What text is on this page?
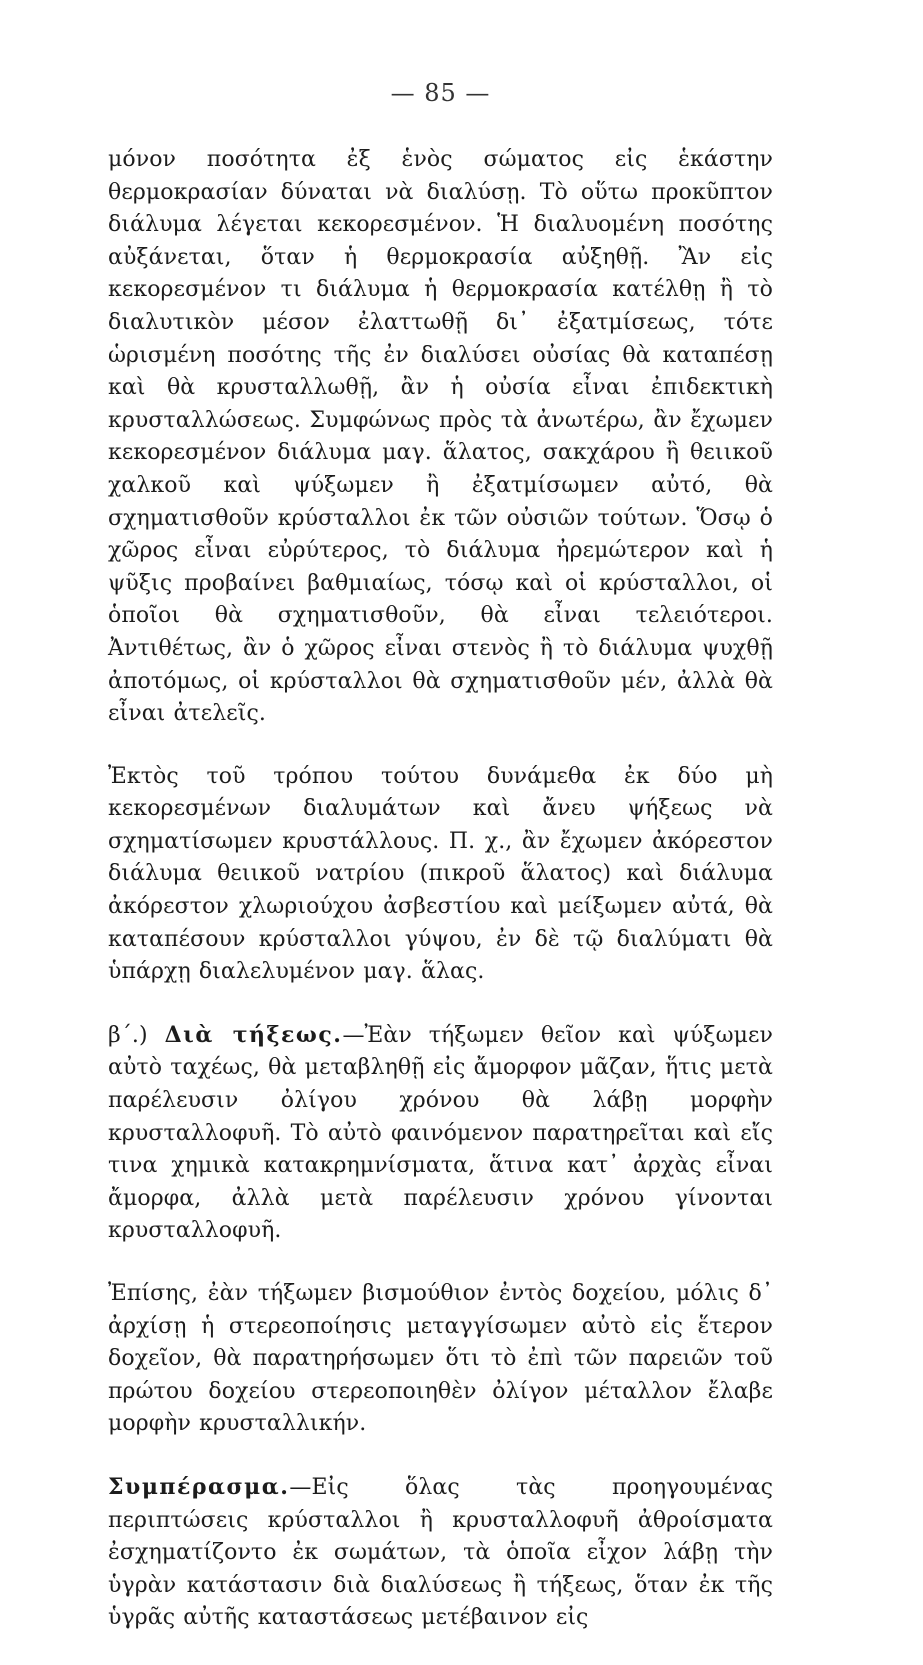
— 85 —

μόνον ποσότητα ἐξ ἑνὸς σώματος εἰς ἑκάστην θερμοκρασίαν δύναται νὰ διαλύσῃ. Τὸ οὕτω προκῦπτον διάλυμα λέγεται κεκορεσμένον. Ἡ διαλυομένη ποσότης αὐξάνεται, ὅταν ἡ θερμοκρασία αὐξηθῇ. Ἂν εἰς κεκορεσμένον τι διάλυμα ἡ θερμοκρασία κατέλθῃ ἢ τὸ διαλυτικὸν μέσον ἐλαττωθῇ δι᾽ ἐξατμίσεως, τότε ὡρισμένη ποσότης τῆς ἐν διαλύσει οὐσίας θὰ καταπέσῃ καὶ θὰ κρυσταλλωθῇ, ἂν ἡ οὐσία εἶναι ἐπιδεκτικὴ κρυσταλλώσεως. Συμφώνως πρὸς τὰ ἀνωτέρω, ἂν ἔχωμεν κεκορεσμένον διάλυμα μαγ. ἅλατος, σακχάρου ἢ θειικοῦ χαλκοῦ καὶ ψύξωμεν ἢ ἐξατμίσωμεν αὐτό, θὰ σχηματισθοῦν κρύσταλλοι ἐκ τῶν οὐσιῶν τούτων. Ὅσῳ ὁ χῶρος εἶναι εὐρύτερος, τὸ διάλυμα ἠρεμώτερον καὶ ἡ ψῦξις προβαίνει βαθμιαίως, τόσῳ καὶ οἱ κρύσταλλοι, οἱ ὁποῖοι θὰ σχηματισθοῦν, θὰ εἶναι τελειότεροι. Ἀντιθέτως, ἂν ὁ χῶρος εἶναι στενὸς ἢ τὸ διάλυμα ψυχθῇ ἀποτόμως, οἱ κρύσταλλοι θὰ σχηματισθοῦν μέν, ἀλλὰ θὰ εἶναι ἀτελεῖς.

Ἐκτὸς τοῦ τρόπου τούτου δυνάμεθα ἐκ δύο μὴ κεκορεσμένων διαλυμάτων καὶ ἄνευ ψήξεως νὰ σχηματίσωμεν κρυστάλλους. Π. χ., ἂν ἔχωμεν ἀκόρεστον διάλυμα θειικοῦ νατρίου (πικροῦ ἅλατος) καὶ διάλυμα ἀκόρεστον χλωριούχου ἀσβεστίου καὶ μείξωμεν αὐτά, θὰ καταπέσουν κρύσταλλοι γύψου, ἐν δὲ τῷ διαλύματι θὰ ὑπάρχῃ διαλελυμένον μαγ. ἅλας.

β΄.) Διὰ τήξεως.—Ἐὰν τήξωμεν θεῖον καὶ ψύξωμεν αὐτὸ ταχέως, θὰ μεταβληθῇ εἰς ἄμορφον μᾶζαν, ἥτις μετὰ παρέλευσιν ὀλίγου χρόνου θὰ λάβῃ μορφὴν κρυσταλλοφυῆ. Τὸ αὐτὸ φαινόμενον παρατηρεῖται καὶ εἴς τινα χημικὰ κατακρημνίσματα, ἅτινα κατ᾽ ἀρχὰς εἶναι ἄμορφα, ἀλλὰ μετὰ παρέλευσιν χρόνου γίνονται κρυσταλλοφυῆ.

Ἐπίσης, ἐὰν τήξωμεν βισμούθιον ἐντὸς δοχείου, μόλις δ᾽ ἀρχίσῃ ἡ στερεοποίησις μεταγγίσωμεν αὐτὸ εἰς ἕτερον δοχεῖον, θὰ παρατηρήσωμεν ὅτι τὸ ἐπὶ τῶν παρειῶν τοῦ πρώτου δοχείου στερεοποιηθὲν ὀλίγον μέταλλον ἔλαβε μορφὴν κρυσταλλικήν.

Συμπέρασμα.—Εἰς ὅλας τὰς προηγουμένας περιπτώσεις κρύσταλλοι ἢ κρυσταλλοφυῆ ἀθροίσματα ἐσχηματίζοντο ἐκ σωμάτων, τὰ ὁποῖα εἶχον λάβῃ τὴν ὑγρὰν κατάστασιν διὰ διαλύσεως ἢ τήξεως, ὅταν ἐκ τῆς ὑγρᾶς αὐτῆς καταστάσεως μετέβαινον εἰς
